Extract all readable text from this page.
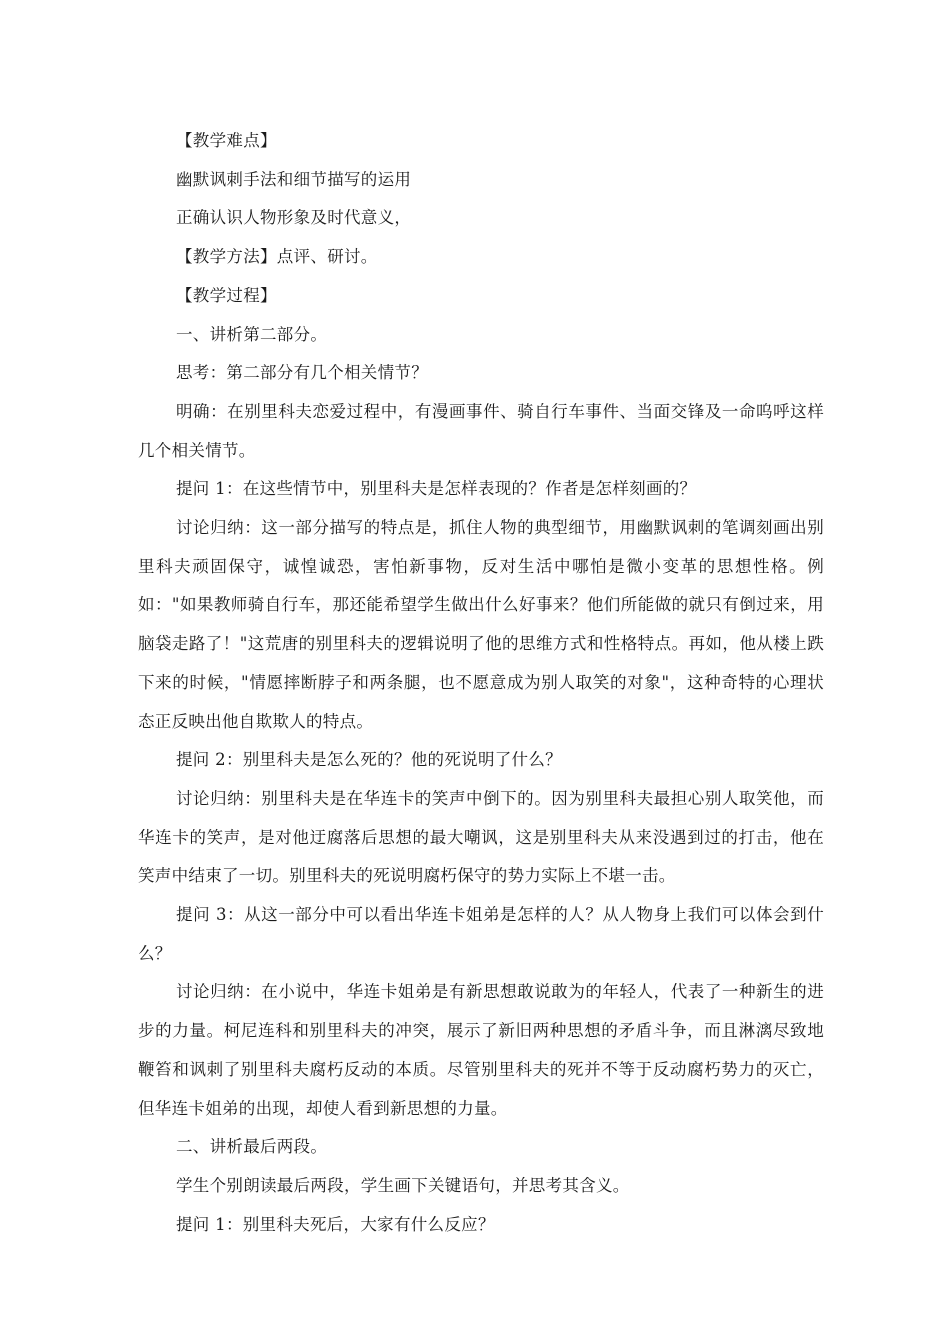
【教学难点】

幽默讽刺手法和细节描写的运用

正确认识人物形象及时代意义，

【教学方法】点评、研讨。

【教学过程】

一、讲析第二部分。

思考：第二部分有几个相关情节？

明确：在别里科夫恋爱过程中，有漫画事件、骑自行车事件、当面交锋及一命呜呼这样几个相关情节。

提问 1：在这些情节中，别里科夫是怎样表现的？作者是怎样刻画的？

讨论归纳：这一部分描写的特点是，抓住人物的典型细节，用幽默讽刺的笔调刻画出别里科夫顽固保守，诚惶诚恐，害怕新事物，反对生活中哪怕是微小变革的思想性格。例如："如果教师骑自行车，那还能希望学生做出什么好事来？他们所能做的就只有倒过来，用脑袋走路了！"这荒唐的别里科夫的逻辑说明了他的思维方式和性格特点。再如，他从楼上跌下来的时候，"情愿摔断脖子和两条腿，也不愿意成为别人取笑的对象"，这种奇特的心理状态正反映出他自欺欺人的特点。

提问 2：别里科夫是怎么死的？他的死说明了什么？

讨论归纳：别里科夫是在华连卡的笑声中倒下的。因为别里科夫最担心别人取笑他，而华连卡的笑声，是对他迂腐落后思想的最大嘲讽，这是别里科夫从来没遇到过的打击，他在笑声中结束了一切。别里科夫的死说明腐朽保守的势力实际上不堪一击。

提问 3：从这一部分中可以看出华连卡姐弟是怎样的人？从人物身上我们可以体会到什么？

讨论归纳：在小说中，华连卡姐弟是有新思想敢说敢为的年轻人，代表了一种新生的进步的力量。柯尼连科和别里科夫的冲突，展示了新旧两种思想的矛盾斗争，而且淋漓尽致地鞭笞和讽刺了别里科夫腐朽反动的本质。尽管别里科夫的死并不等于反动腐朽势力的灭亡，但华连卡姐弟的出现，却使人看到新思想的力量。

二、讲析最后两段。

学生个别朗读最后两段，学生画下关键语句，并思考其含义。

提问 1：别里科夫死后，大家有什么反应？
